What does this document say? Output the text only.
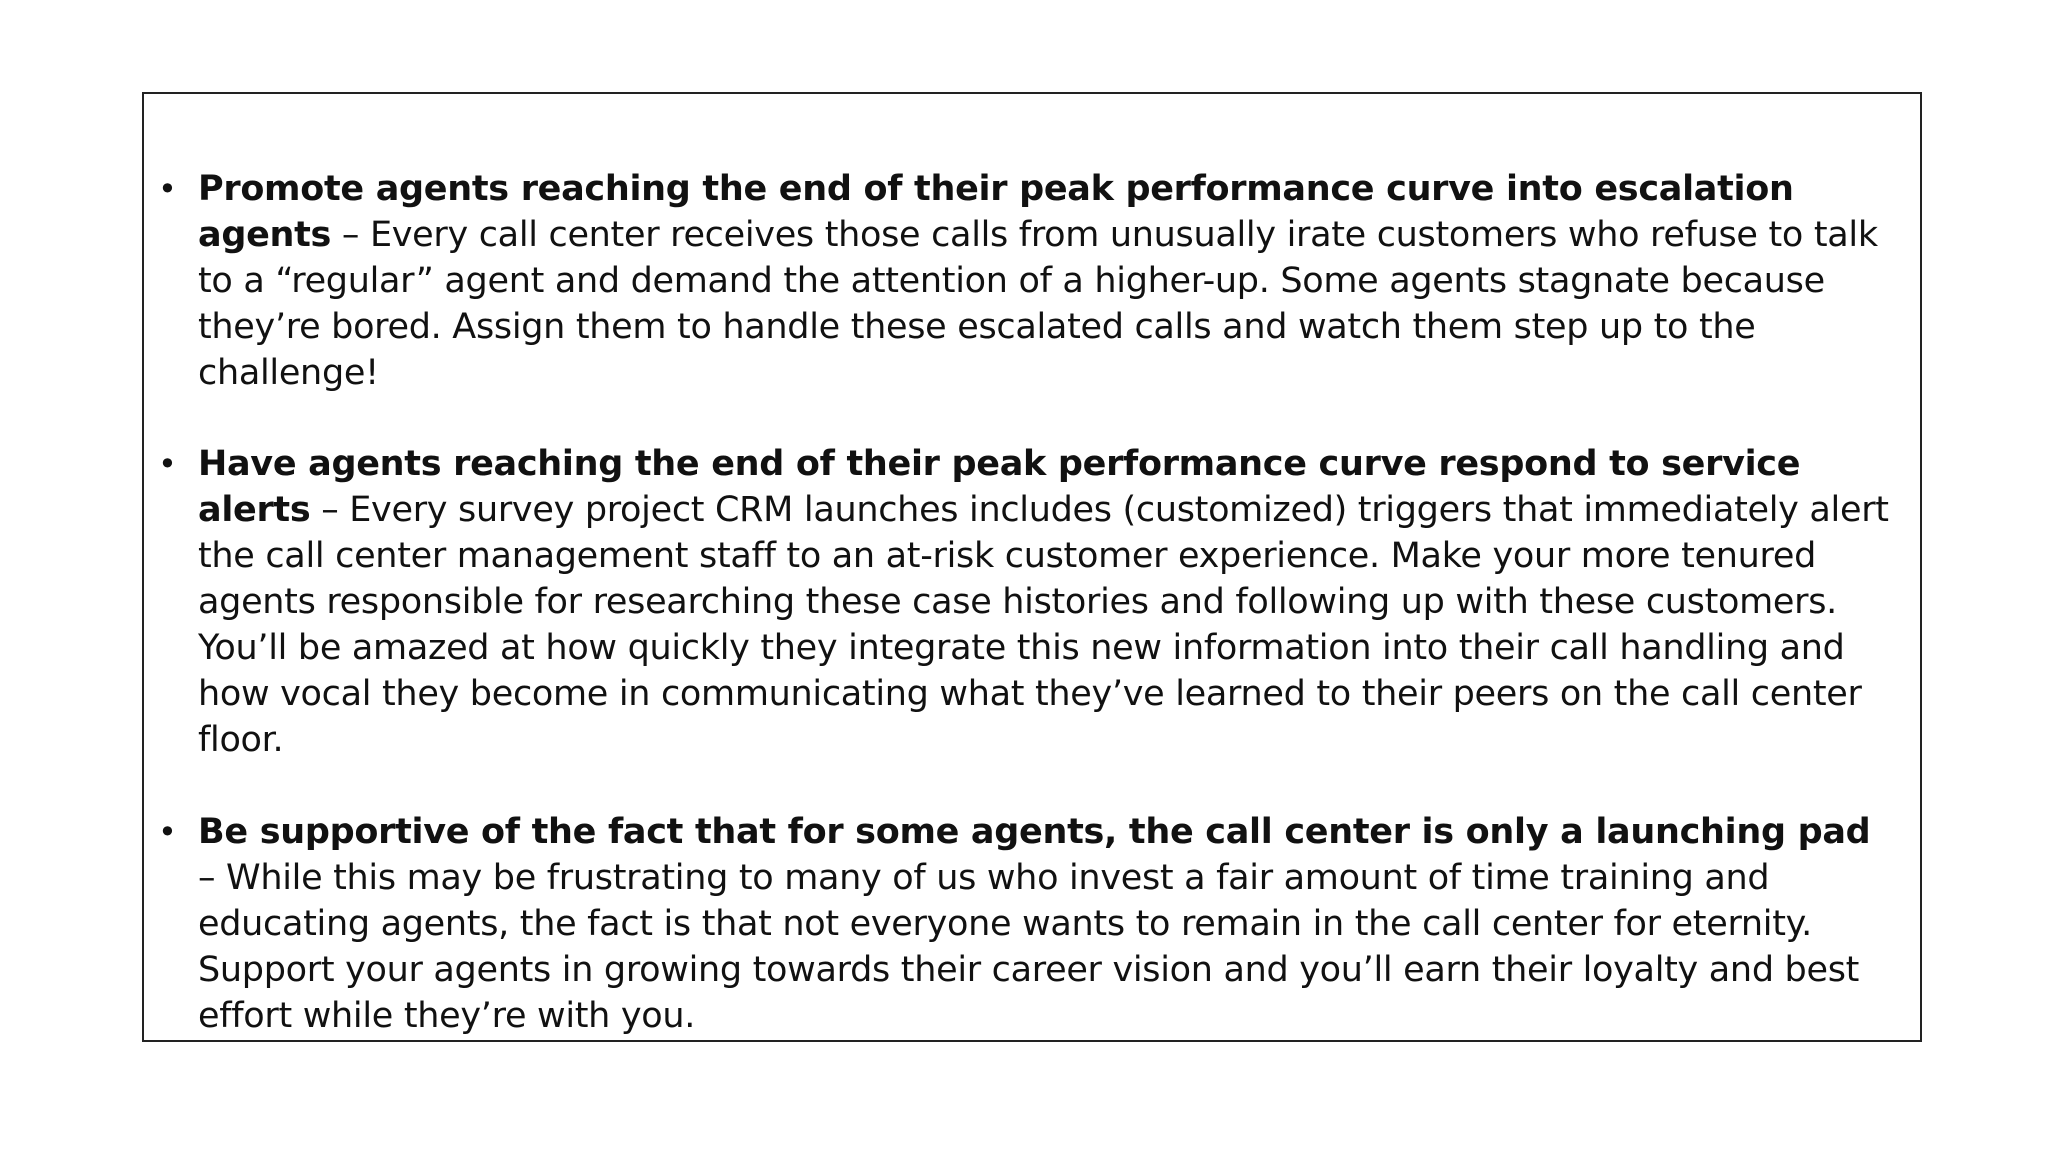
• Promote agents reaching the end of their peak performance curve into escalation agents – Every call center receives those calls from unusually irate customers who refuse to talk to a “regular” agent and demand the attention of a higher-up. Some agents stagnate because they’re bored. Assign them to handle these escalated calls and watch them step up to the challenge!
• Have agents reaching the end of their peak performance curve respond to service alerts – Every survey project CRM launches includes (customized) triggers that immediately alert the call center management staff to an at-risk customer experience. Make your more tenured agents responsible for researching these case histories and following up with these customers. You’ll be amazed at how quickly they integrate this new information into their call handling and how vocal they become in communicating what they’ve learned to their peers on the call center floor.
• Be supportive of the fact that for some agents, the call center is only a launching pad – While this may be frustrating to many of us who invest a fair amount of time training and educating agents, the fact is that not everyone wants to remain in the call center for eternity. Support your agents in growing towards their career vision and you’ll earn their loyalty and best effort while they’re with you.
